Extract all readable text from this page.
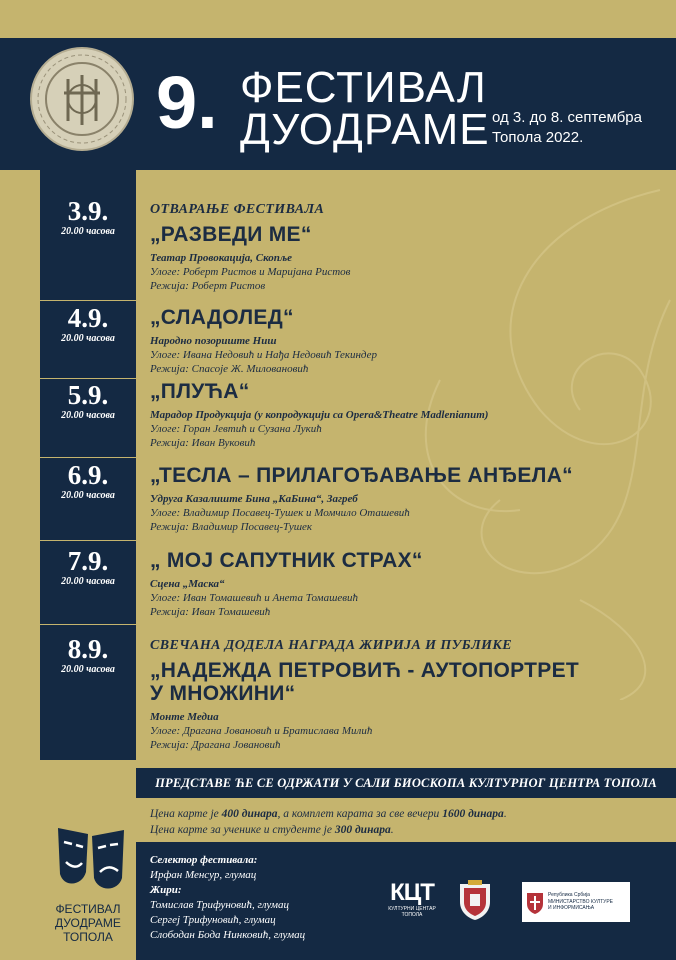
9. ФЕСТИВАЛ
ДУОДРАМЕ од 3. до 8. септембра
Топола 2022.
3.9.
20.00 часова
ОТВАРАЊЕ ФЕСТИВАЛА
„РАЗВЕДИ МЕ“
Театар Провокација, Скопље
Улоге: Роберт Ристов и Маријана Ристов
Режија: Роберт Ристов
4.9.
20.00 часова
„СЛАДОЛЕД“
Народно позориште Ниш
Улоге: Ивана Недовић и Нађа Недовић Текиндер
Режија: Спасоје Ж. Миловановић
5.9.
20.00 часова
„ПЛУЋА“
Марадор Продукција (у копродукцији са Opera&Theatre Madlenianum)
Улоге: Горан Јевтић и Сузана Лукић
Режија: Иван Вуковић
6.9.
20.00 часова
„ТЕСЛА – ПРИЛАГОЂАВАЊЕ АНЂЕЛА“
Удруга Казалиште Бина „КаБина“, Загреб
Улоге: Владимир Посавец-Тушек и Момчило Оташевић
Режија: Владимир Посавец-Тушек
7.9.
20.00 часова
„ МОЈ САПУТНИК СТРАХ“
Сцена „Маска“
Улоге: Иван Томашевић и Анета Томашевић
Режија: Иван Томашевић
8.9.
20.00 часова
СВЕЧАНА ДОДЕЛА НАГРАДА ЖИРИЈА И ПУБЛИКЕ
„НАДЕЖДА ПЕТРОВИЋ - АУТОПОРТРЕТ
У МНОЖИНИ“
Монте Медиа
Улоге: Драгана Јовановић и Братислава Милић
Режија: Драгана Јовановић
ПРЕДСТАВЕ ЋЕ СЕ ОДРЖАТИ У САЛИ БИОСКОПА КУЛТУРНОГ ЦЕНТРА ТОПОЛА
Цена карте је 400 динара, а комплет карата за све вечери 1600 динара.
Цена карте за ученике и студенте је 300 динара.
ФЕСТИВАЛ
ДУОДРАМЕ
ТОПОЛА
Селектор фестивала:
Ирфан Менсур, глумац
Жири:
Томислав Трифуновић, глумац
Сергеј Трифуновић, глумац
Слободан Бода Нинковић, глумац
КЦТ
КУЛТУРНИ ЦЕНТАР
ТОПОЛА
Република Србија
МИНИСТАРСТВО КУЛТУРЕ
И ИНФОРМИСАЊА
